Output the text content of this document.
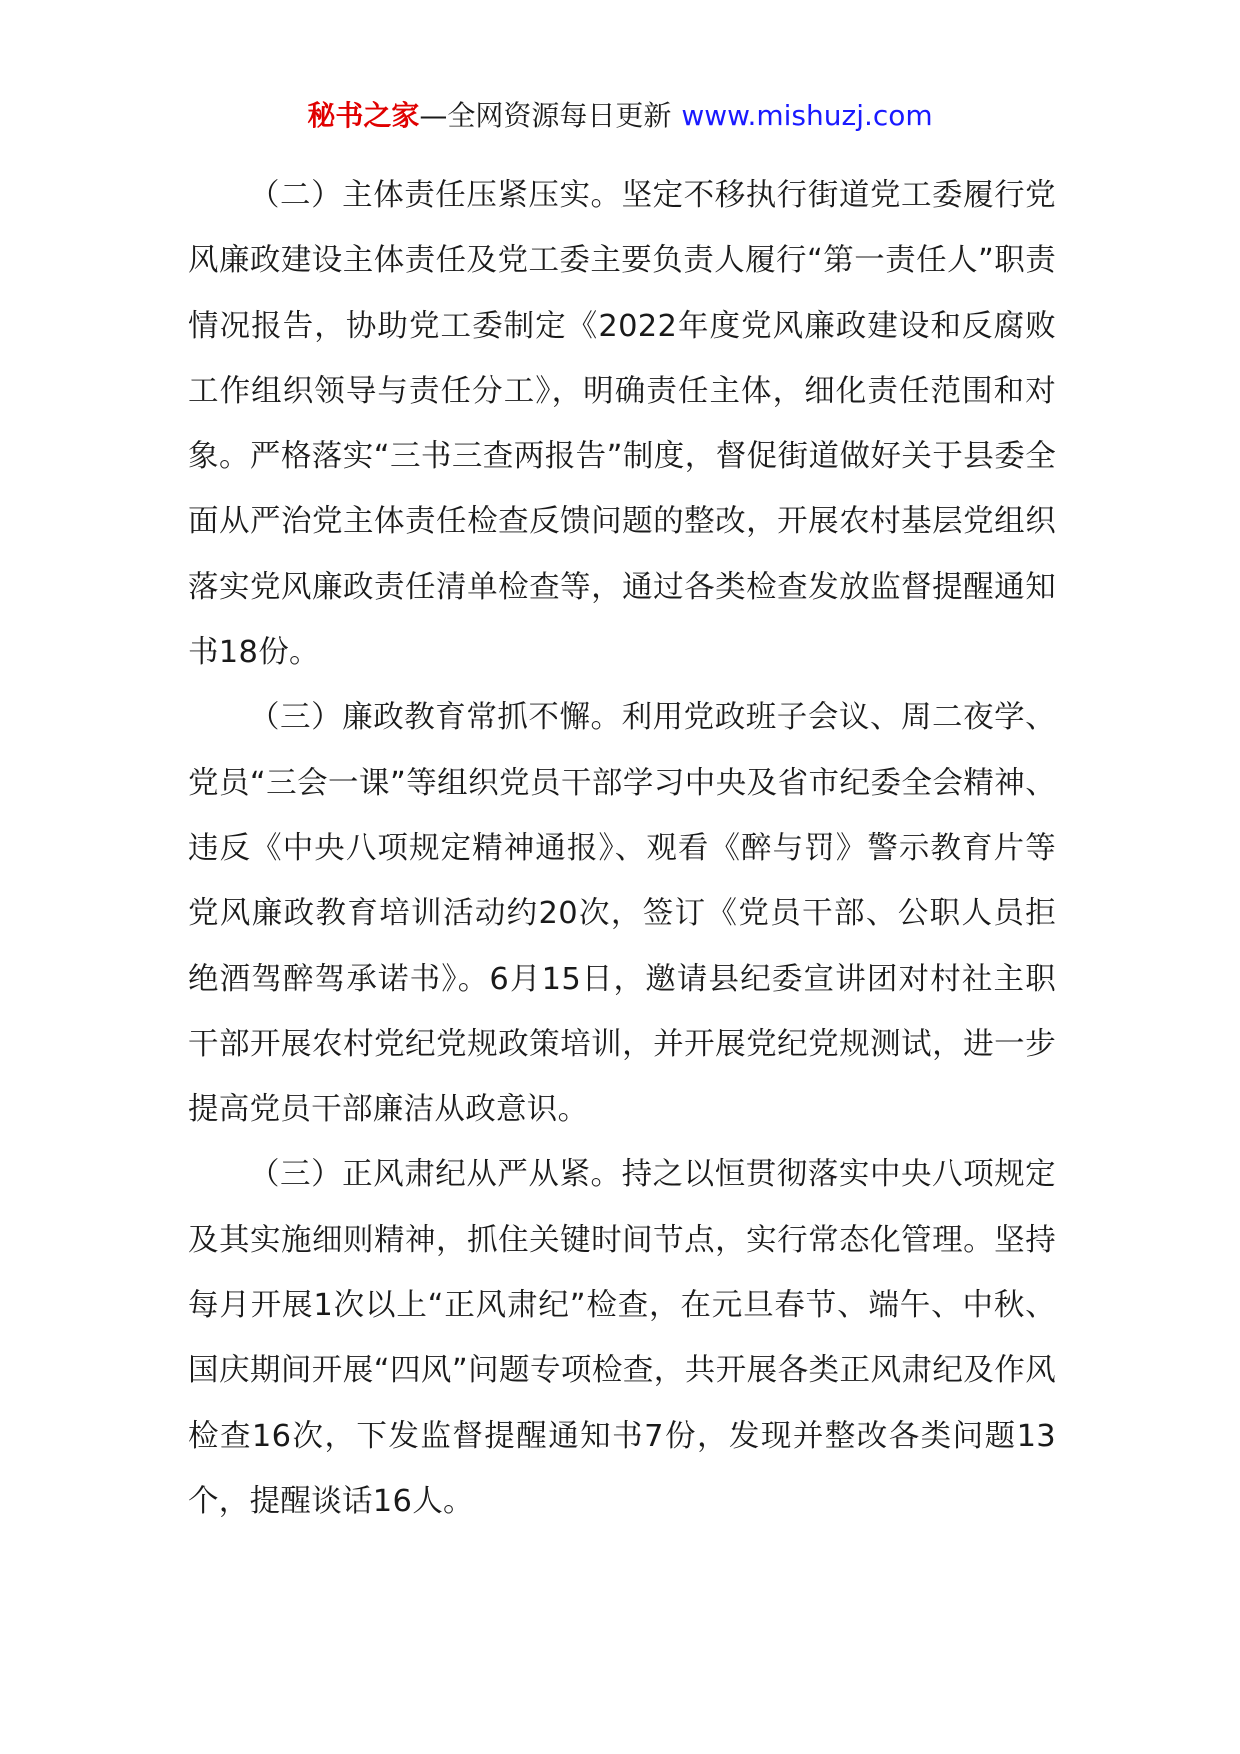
秘书之家—全网资源每日更新 www.mishuzj.com

（二）主体责任压紧压实。坚定不移执行街道党工委履行党风廉政建设主体责任及党工委主要负责人履行“第一责任人”职责情况报告，协助党工委制定《2022年度党风廉政建设和反腐败工作组织领导与责任分工》，明确责任主体，细化责任范围和对象。严格落实“三书三查两报告”制度，督促街道做好关于县委全面从严治党主体责任检查反馈问题的整改，开展农村基层党组织落实党风廉政责任清单检查等，通过各类检查发放监督提醒通知书18份。

（三）廉政教育常抓不懈。利用党政班子会议、周二夜学、党员“三会一课”等组织党员干部学习中央及省市纪委全会精神、违反《中央八项规定精神通报》、观看《醉与罚》警示教育片等党风廉政教育培训活动约20次，签订《党员干部、公职人员拒绝酒驾醉驾承诺书》。6月15日，邀请县纪委宣讲团对村社主职干部开展农村党纪党规政策培训，并开展党纪党规测试，进一步提高党员干部廉洁从政意识。

（三）正风肃纪从严从紧。持之以恒贯彻落实中央八项规定及其实施细则精神，抓住关键时间节点，实行常态化管理。坚持每月开展1次以上“正风肃纪”检查，在元旦春节、端午、中秋、国庆期间开展“四风”问题专项检查，共开展各类正风肃纪及作风检查16次，下发监督提醒通知书7份，发现并整改各类问题13个，提醒谈话16人。
